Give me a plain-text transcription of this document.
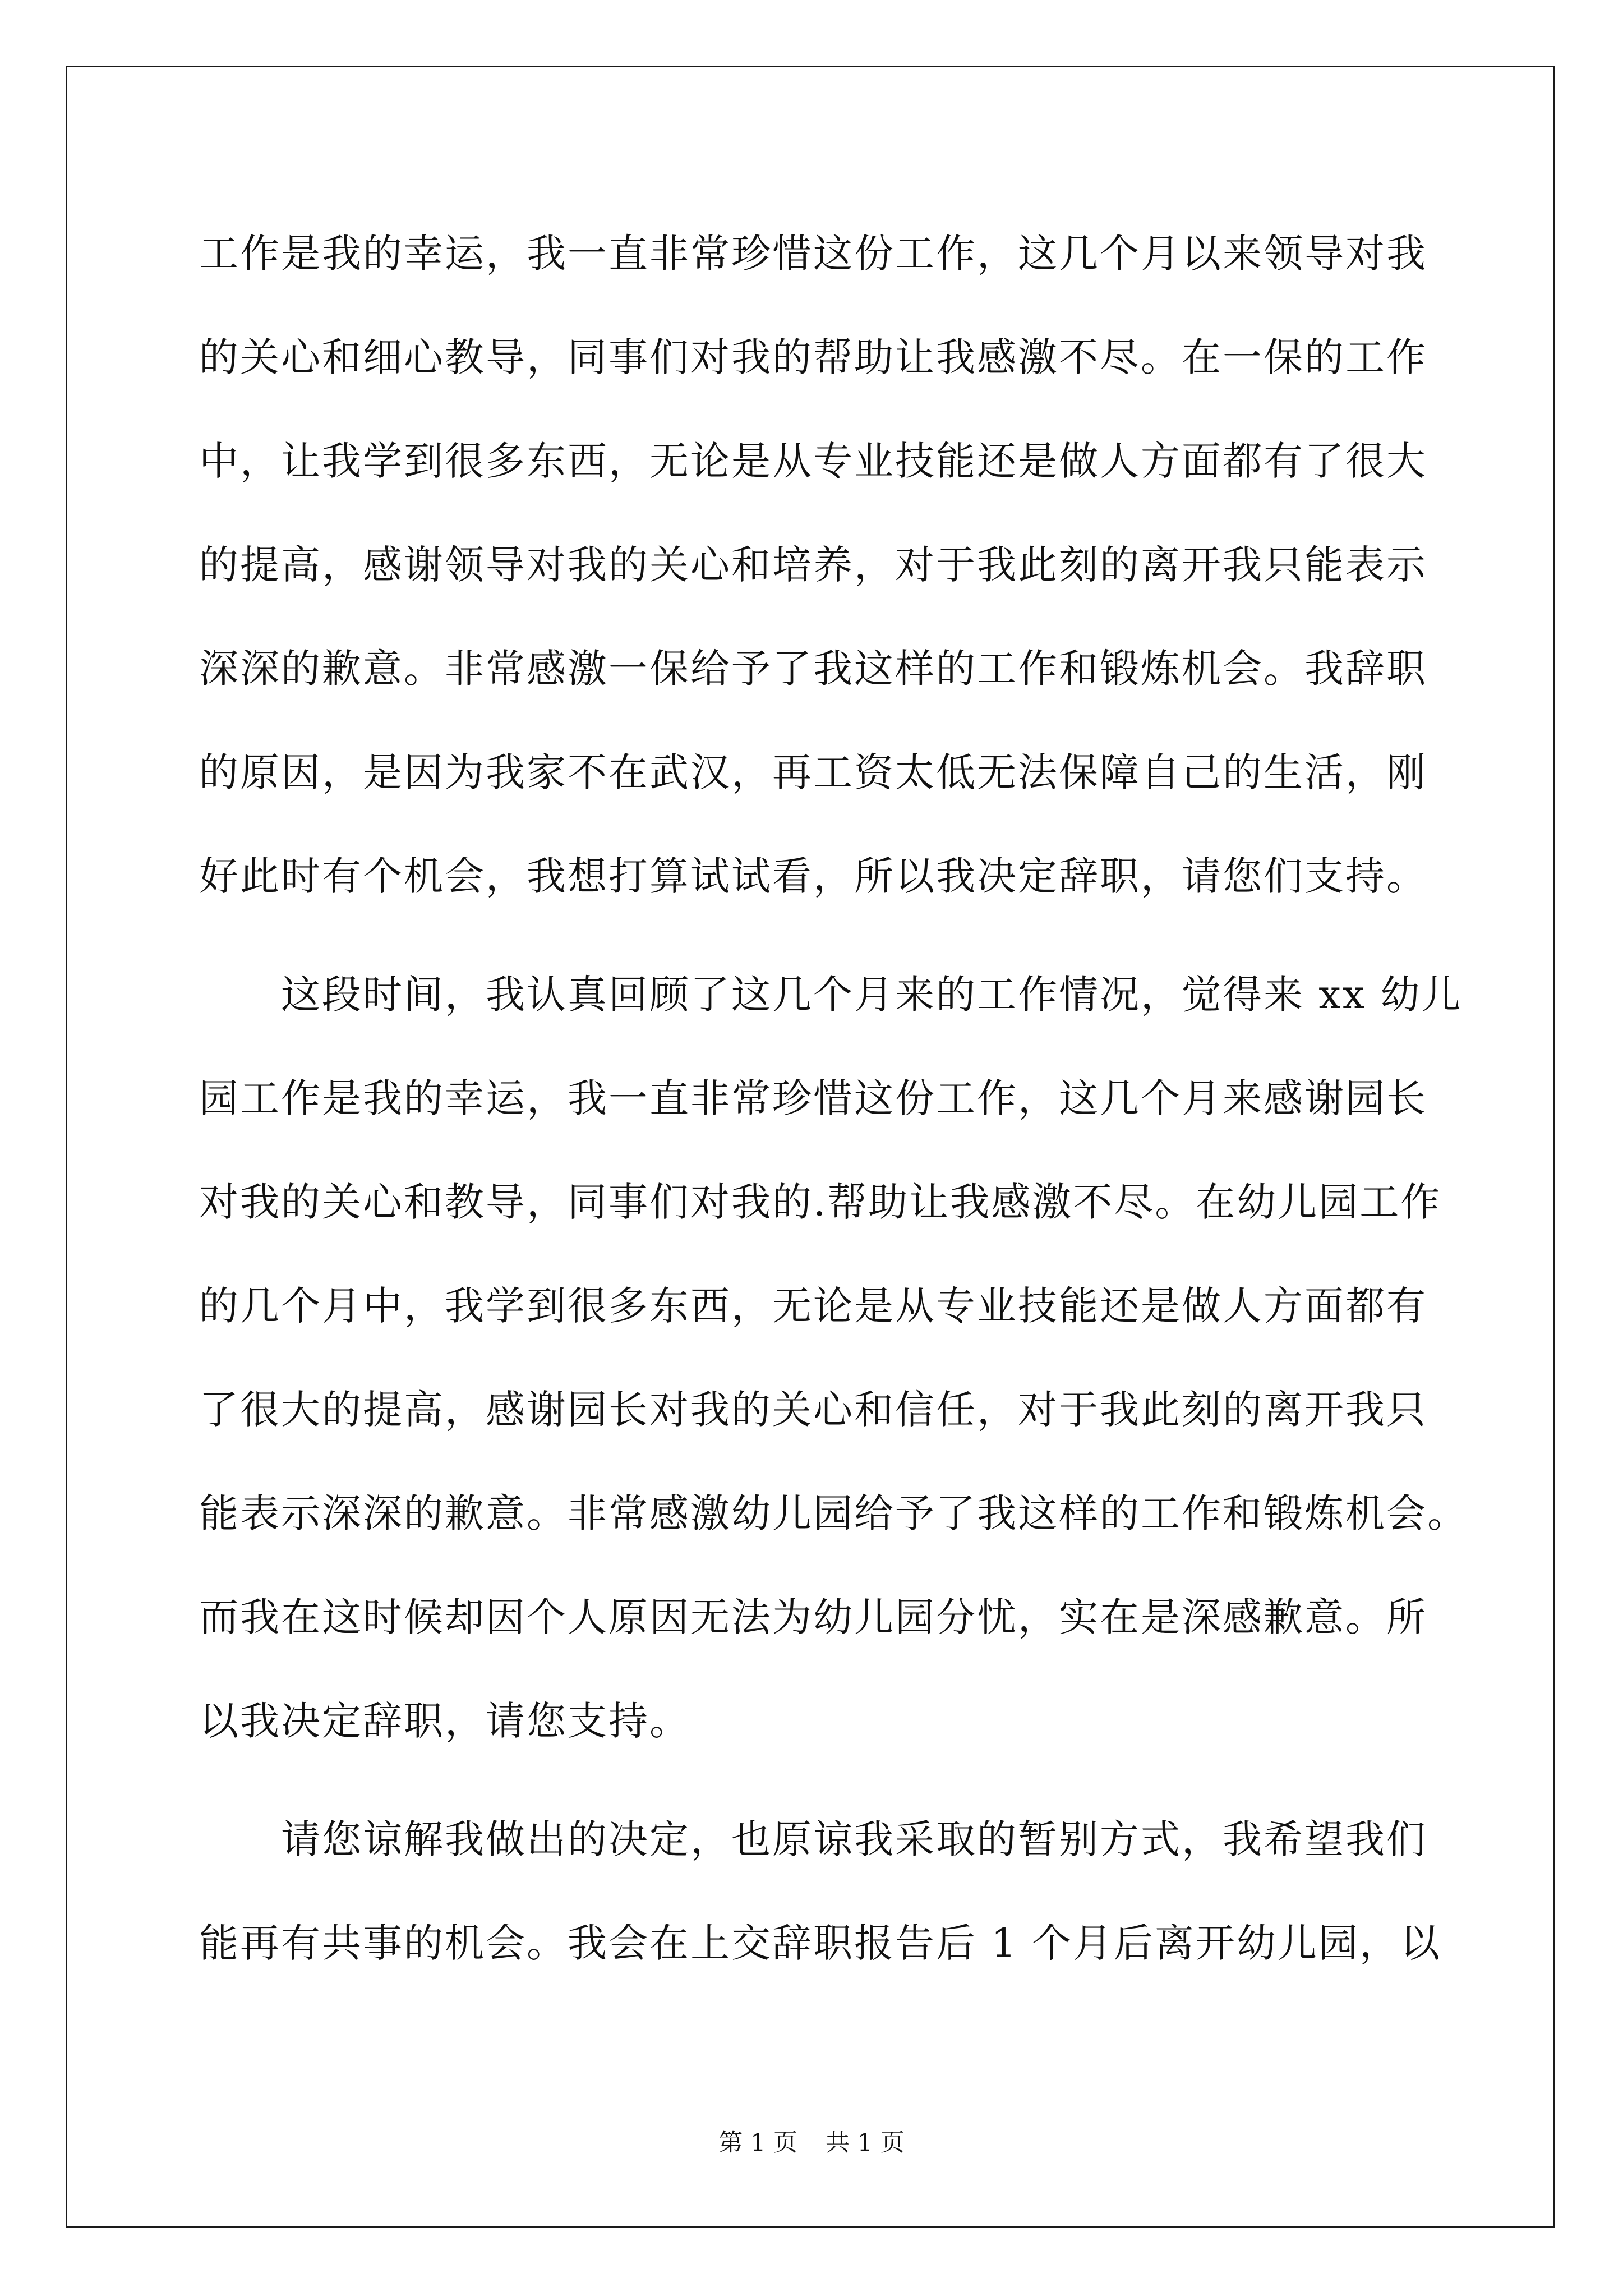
工作是我的幸运，我一直非常珍惜这份工作，这几个月以来领导对我
的关心和细心教导，同事们对我的帮助让我感激不尽。在一保的工作
中，让我学到很多东西，无论是从专业技能还是做人方面都有了很大
的提高，感谢领导对我的关心和培养，对于我此刻的离开我只能表示
深深的歉意。非常感激一保给予了我这样的工作和锻炼机会。我辞职
的原因，是因为我家不在武汉，再工资太低无法保障自己的生活，刚
好此时有个机会，我想打算试试看，所以我决定辞职，请您们支持。
这段时间，我认真回顾了这几个月来的工作情况，觉得来 xx 幼儿
园工作是我的幸运，我一直非常珍惜这份工作，这几个月来感谢园长
对我的关心和教导，同事们对我的.帮助让我感激不尽。在幼儿园工作
的几个月中，我学到很多东西，无论是从专业技能还是做人方面都有
了很大的提高，感谢园长对我的关心和信任，对于我此刻的离开我只
能表示深深的歉意。非常感激幼儿园给予了我这样的工作和锻炼机会。
而我在这时候却因个人原因无法为幼儿园分忧，实在是深感歉意。所
以我决定辞职，请您支持。
请您谅解我做出的决定，也原谅我采取的暂别方式，我希望我们
能再有共事的机会。我会在上交辞职报告后 1 个月后离开幼儿园，以
第 1 页 共 1 页
